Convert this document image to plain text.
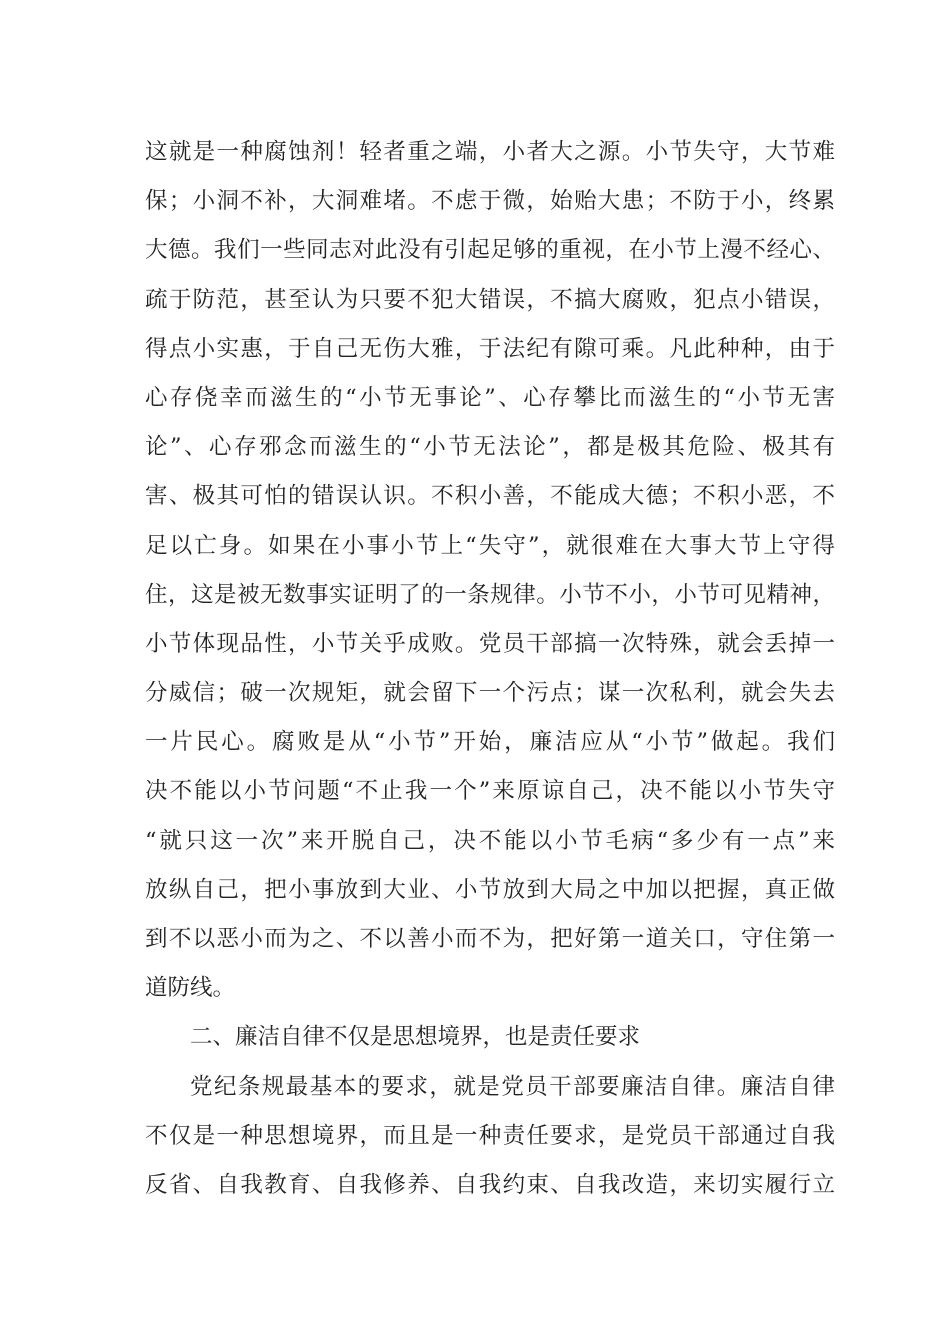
这就是一种腐蚀剂！轻者重之端，小者大之源。小节失守，大节难
保；小洞不补，大洞难堵。不虑于微，始贻大患；不防于小，终累
大德。我们一些同志对此没有引起足够的重视，在小节上漫不经心、
疏于防范，甚至认为只要不犯大错误，不搞大腐败，犯点小错误，
得点小实惠，于自己无伤大雅，于法纪有隙可乘。凡此种种，由于
心存侥幸而滋生的“小节无事论”、心存攀比而滋生的“小节无害
论”、心存邪念而滋生的“小节无法论”，都是极其危险、极其有
害、极其可怕的错误认识。不积小善，不能成大德；不积小恶，不
足以亡身。如果在小事小节上“失守”，就很难在大事大节上守得
住，这是被无数事实证明了的一条规律。小节不小，小节可见精神，
小节体现品性，小节关乎成败。党员干部搞一次特殊，就会丢掉一
分威信；破一次规矩，就会留下一个污点；谋一次私利，就会失去
一片民心。腐败是从“小节”开始，廉洁应从“小节”做起。我们
决不能以小节问题“不止我一个”来原谅自己，决不能以小节失守
“就只这一次”来开脱自己，决不能以小节毛病“多少有一点”来
放纵自己，把小事放到大业、小节放到大局之中加以把握，真正做
到不以恶小而为之、不以善小而不为，把好第一道关口，守住第一
道防线。
二、廉洁自律不仅是思想境界，也是责任要求
党纪条规最基本的要求，就是党员干部要廉洁自律。廉洁自律
不仅是一种思想境界，而且是一种责任要求，是党员干部通过自我
反省、自我教育、自我修养、自我约束、自我改造，来切实履行立
